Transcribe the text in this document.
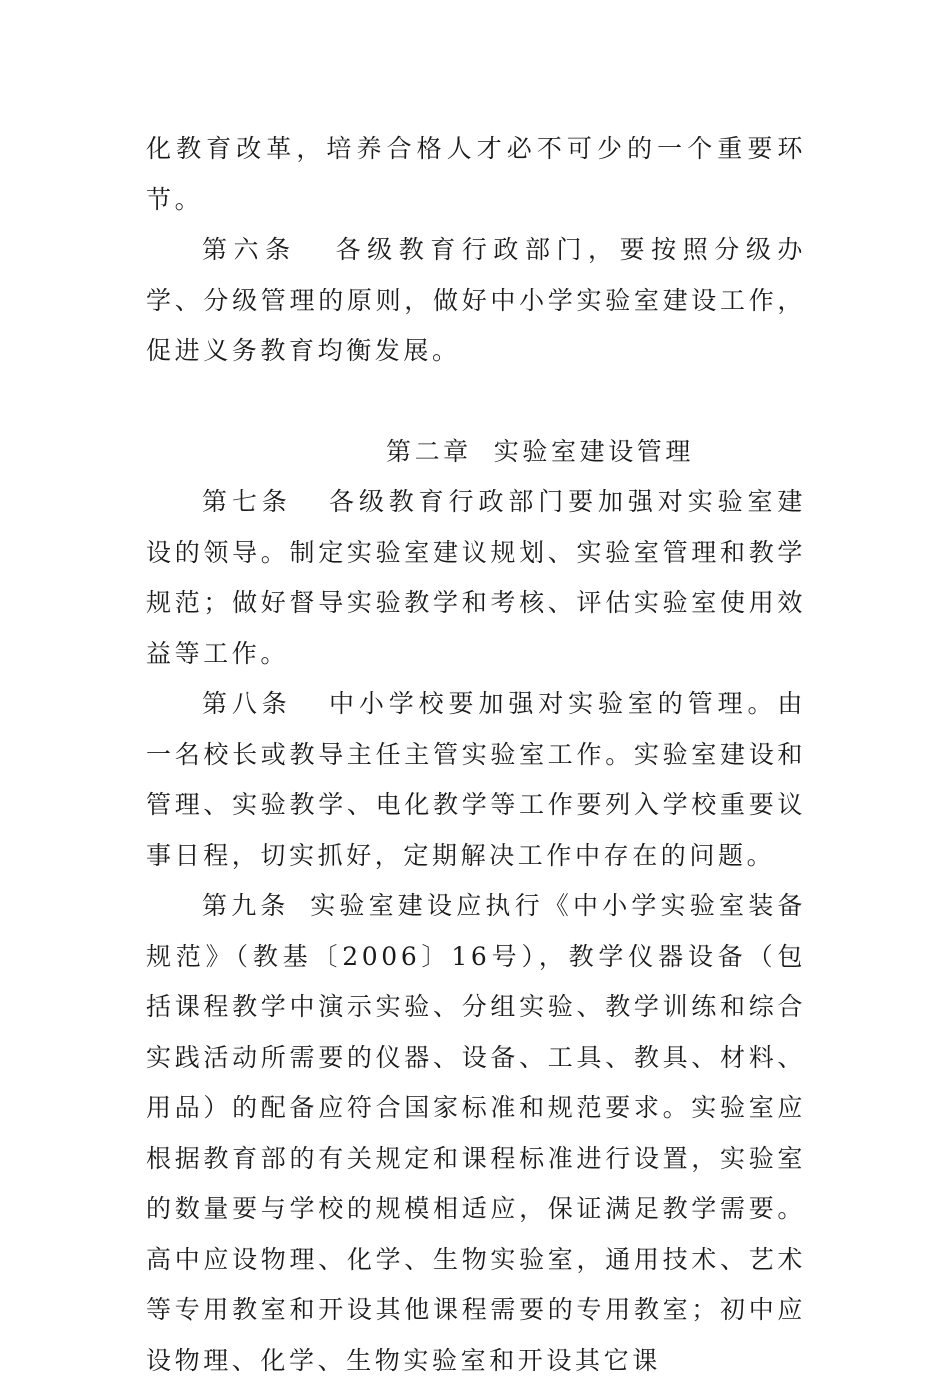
化教育改革，培养合格人才必不可少的一个重要环节。

第六条 各级教育行政部门，要按照分级办学、分级管理的原则，做好中小学实验室建设工作，促进义务教育均衡发展。

第二章 实验室建设管理

第七条 各级教育行政部门要加强对实验室建设的领导。制定实验室建议规划、实验室管理和教学规范；做好督导实验教学和考核、评估实验室使用效益等工作。

第八条 中小学校要加强对实验室的管理。由一名校长或教导主任主管实验室工作。实验室建设和管理、实验教学、电化教学等工作要列入学校重要议事日程，切实抓好，定期解决工作中存在的问题。

第九条 实验室建设应执行《中小学实验室装备规范》（教基〔2006〕16号），教学仪器设备（包括课程教学中演示实验、分组实验、教学训练和综合实践活动所需要的仪器、设备、工具、教具、材料、用品）的配备应符合国家标准和规范要求。实验室应根据教育部的有关规定和课程标准进行设置，实验室的数量要与学校的规模相适应，保证满足教学需要。高中应设物理、化学、生物实验室，通用技术、艺术等专用教室和开设其他课程需要的专用教室；初中应设物理、化学、生物实验室和开设其它课
